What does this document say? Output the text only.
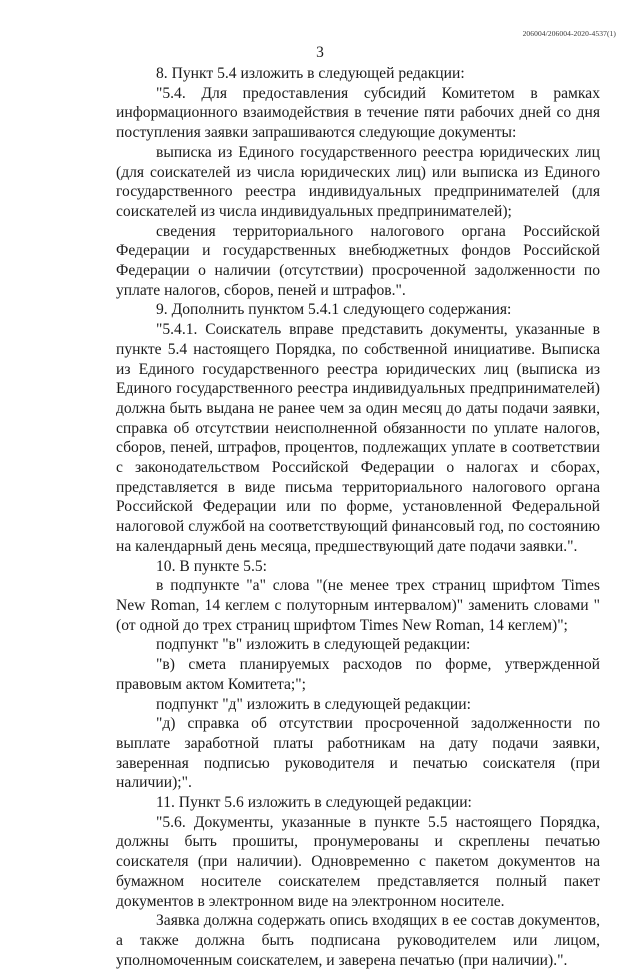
206004/206004-2020-4537(1)
3

8. Пункт 5.4 изложить в следующей редакции:

"5.4. Для предоставления субсидий Комитетом в рамках информационного взаимодействия в течение пяти рабочих дней со дня поступления заявки запрашиваются следующие документы:

выписка из Единого государственного реестра юридических лиц (для соискателей из числа юридических лиц) или выписка из Единого государственного реестра индивидуальных предпринимателей (для соискателей из числа индивидуальных предпринимателей);

сведения территориального налогового органа Российской Федерации и государственных внебюджетных фондов Российской Федерации о наличии (отсутствии) просроченной задолженности по уплате налогов, сборов, пеней и штрафов.".

9. Дополнить пунктом 5.4.1 следующего содержания:

"5.4.1. Соискатель вправе представить документы, указанные в пункте 5.4 настоящего Порядка, по собственной инициативе. Выписка из Единого государственного реестра юридических лиц (выписка из Единого государственного реестра индивидуальных предпринимателей) должна быть выдана не ранее чем за один месяц до даты подачи заявки, справка об отсутствии неисполненной обязанности по уплате налогов, сборов, пеней, штрафов, процентов, подлежащих уплате в соответствии с законодательством Российской Федерации о налогах и сборах, представляется в виде письма территориального налогового органа Российской Федерации или по форме, установленной Федеральной налоговой службой на соответствующий финансовый год, по состоянию на календарный день месяца, предшествующий дате подачи заявки.".

10. В пункте 5.5:

в подпункте "а" слова "(не менее трех страниц шрифтом Times New Roman, 14 кеглем с полуторным интервалом)" заменить словами "(от одной до трех страниц шрифтом Times New Roman, 14 кеглем)";

подпункт "в" изложить в следующей редакции:

"в) смета планируемых расходов по форме, утвержденной правовым актом Комитета;";

подпункт "д" изложить в следующей редакции:

"д) справка об отсутствии просроченной задолженности по выплате заработной платы работникам на дату подачи заявки, заверенная подписью руководителя и печатью соискателя (при наличии);".

11. Пункт 5.6 изложить в следующей редакции:

"5.6. Документы, указанные в пункте 5.5 настоящего Порядка, должны быть прошиты, пронумерованы и скреплены печатью соискателя (при наличии). Одновременно с пакетом документов на бумажном носителе соискателем представляется полный пакет документов в электронном виде на электронном носителе.

Заявка должна содержать опись входящих в ее состав документов, а также должна быть подписана руководителем или лицом, уполномоченным соискателем, и заверена печатью (при наличии).".
